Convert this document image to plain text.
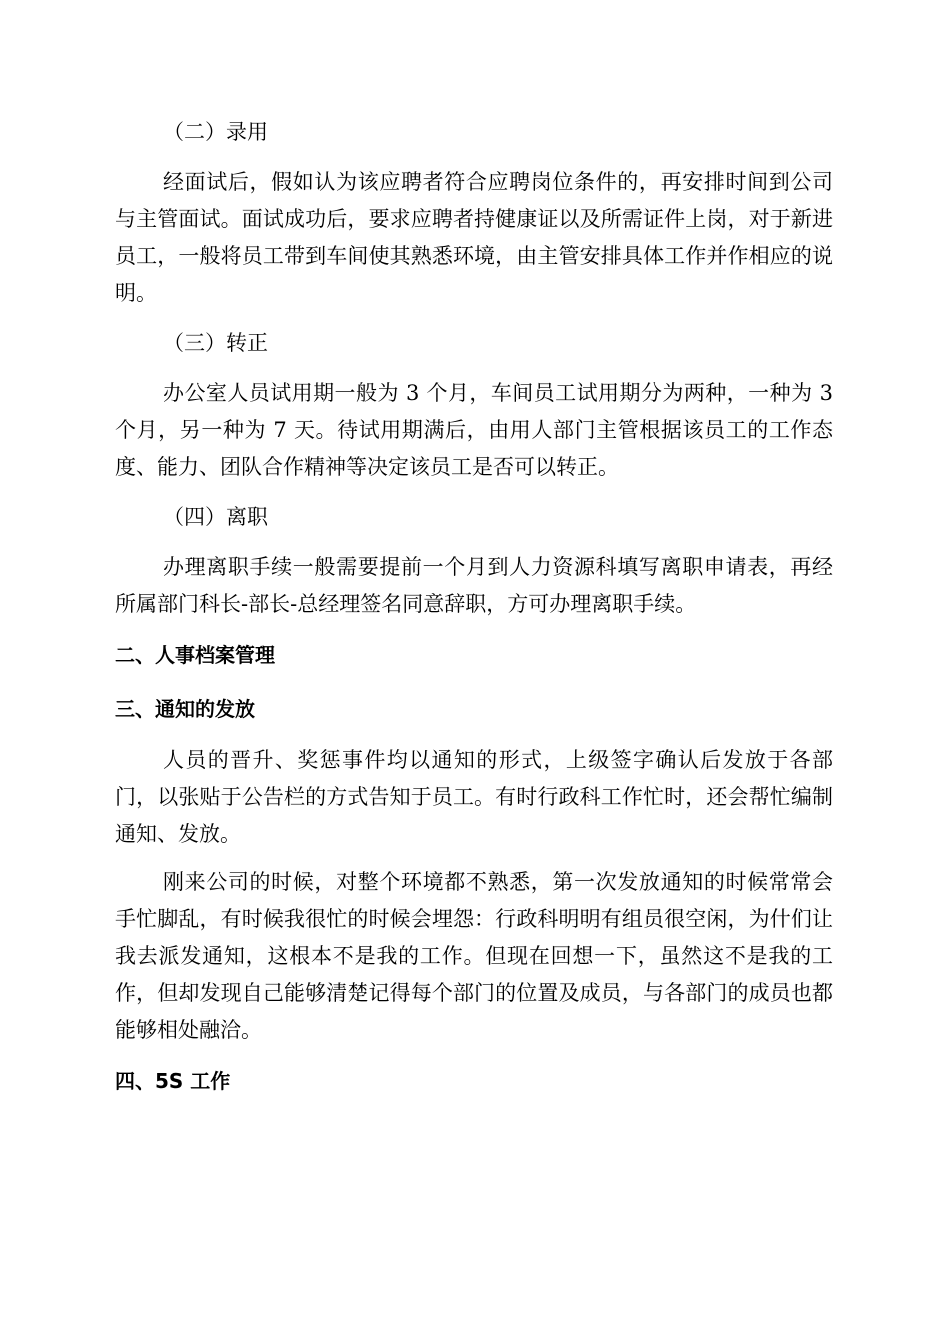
（二）录用

经面试后，假如认为该应聘者符合应聘岗位条件的，再安排时间到公司与主管面试。面试成功后，要求应聘者持健康证以及所需证件上岗，对于新进员工，一般将员工带到车间使其熟悉环境，由主管安排具体工作并作相应的说明。

（三）转正

办公室人员试用期一般为 3 个月，车间员工试用期分为两种，一种为 3 个月，另一种为 7 天。待试用期满后，由用人部门主管根据该员工的工作态度、能力、团队合作精神等决定该员工是否可以转正。

（四）离职

办理离职手续一般需要提前一个月到人力资源科填写离职申请表，再经所属部门科长-部长-总经理签名同意辞职，方可办理离职手续。

二、人事档案管理

三、通知的发放

人员的晋升、奖惩事件均以通知的形式，上级签字确认后发放于各部门，以张贴于公告栏的方式告知于员工。有时行政科工作忙时，还会帮忙编制通知、发放。

刚来公司的时候，对整个环境都不熟悉，第一次发放通知的时候常常会手忙脚乱，有时候我很忙的时候会埋怨：行政科明明有组员很空闲，为什们让我去派发通知，这根本不是我的工作。但现在回想一下，虽然这不是我的工作，但却发现自己能够清楚记得每个部门的位置及成员，与各部门的成员也都能够相处融洽。

四、5S 工作
